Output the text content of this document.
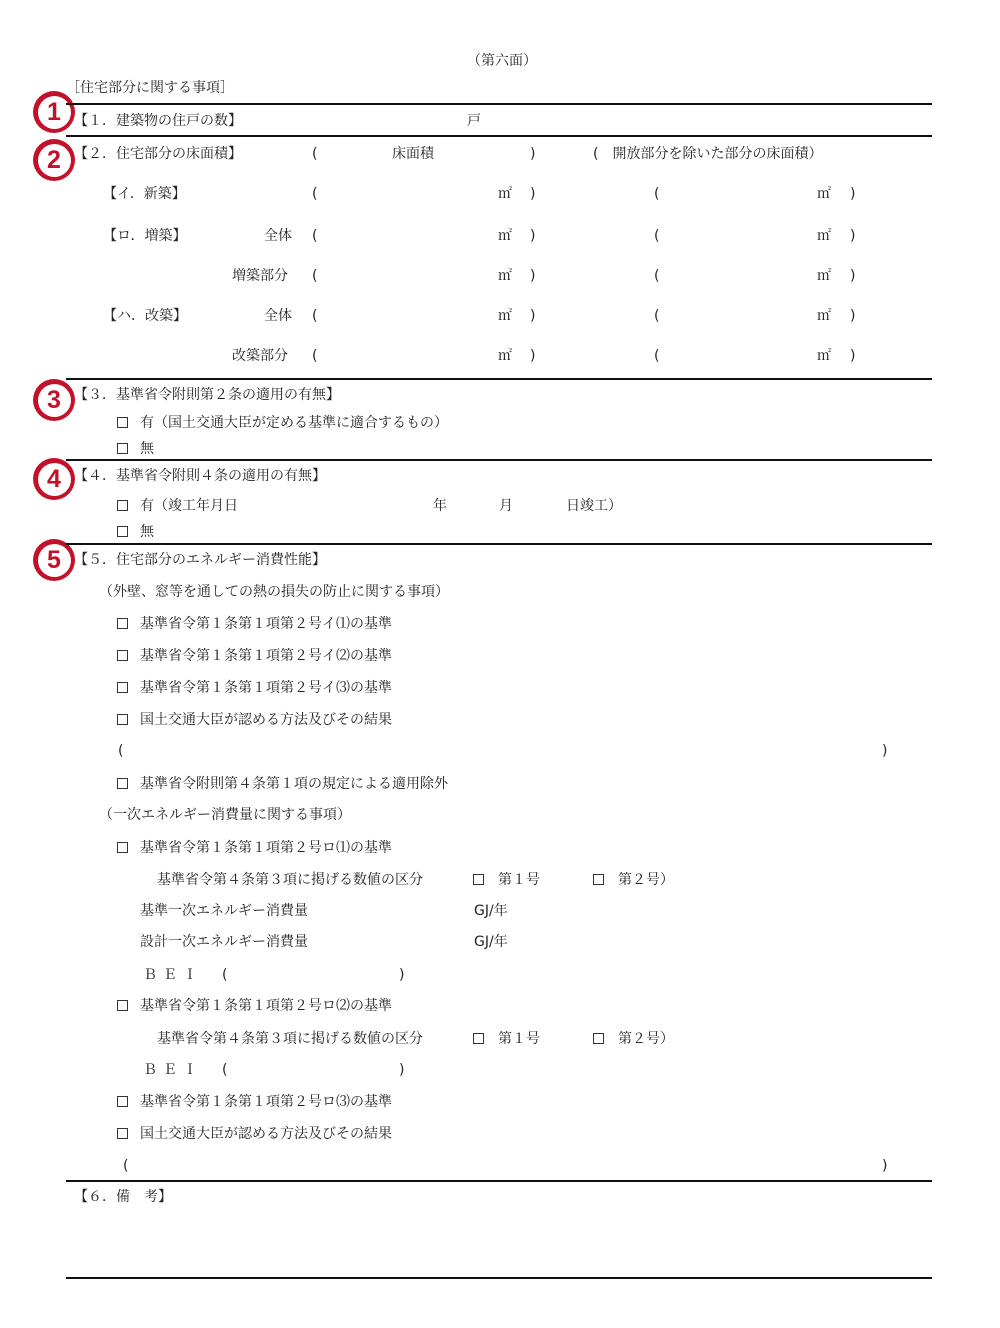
（第六面）
［住宅部分に関する事項］
1
2
3
4
5
【１．建築物の住戸の数】	戸
【２．住宅部分の床面積】	(	床面積	)	(　開放部分を除いた部分の床面積）
【イ．新築】	(	㎡ )	(	㎡ )
【ロ．増築】	全体 (	㎡ )	(	㎡ )
増築部分 (	㎡ )	(	㎡ )
【ハ．改築】	全体 (	㎡ )	(	㎡ )
改築部分 (	㎡ )	(	㎡ )
【３．基準省令附則第２条の適用の有無】
有（国土交通大臣が定める基準に適合するもの）
無
【４．基準省令附則４条の適用の有無】
有（竣工年月日	年	月	日竣工）
無
【５．住宅部分のエネルギー消費性能】
（外壁、窓等を通しての熱の損失の防止に関する事項）
基準省令第１条第１項第２号イ⑴の基準
基準省令第１条第１項第２号イ⑵の基準
基準省令第１条第１項第２号イ⑶の基準
国土交通大臣が認める方法及びその結果
(	)
基準省令附則第４条第１項の規定による適用除外
（一次エネルギー消費量に関する事項）
基準省令第１条第１項第２号ロ⑴の基準
基準省令第４条第３項に掲げる数値の区分	第１号	第２号）
基準一次エネルギー消費量	GJ/年
設計一次エネルギー消費量	GJ/年
ＢＥＩ (	)
基準省令第１条第１項第２号ロ⑵の基準
基準省令第４条第３項に掲げる数値の区分	第１号	第２号）
ＢＥＩ (	)
基準省令第１条第１項第２号ロ⑶の基準
国土交通大臣が認める方法及びその結果
(	)
【６．備　考】
